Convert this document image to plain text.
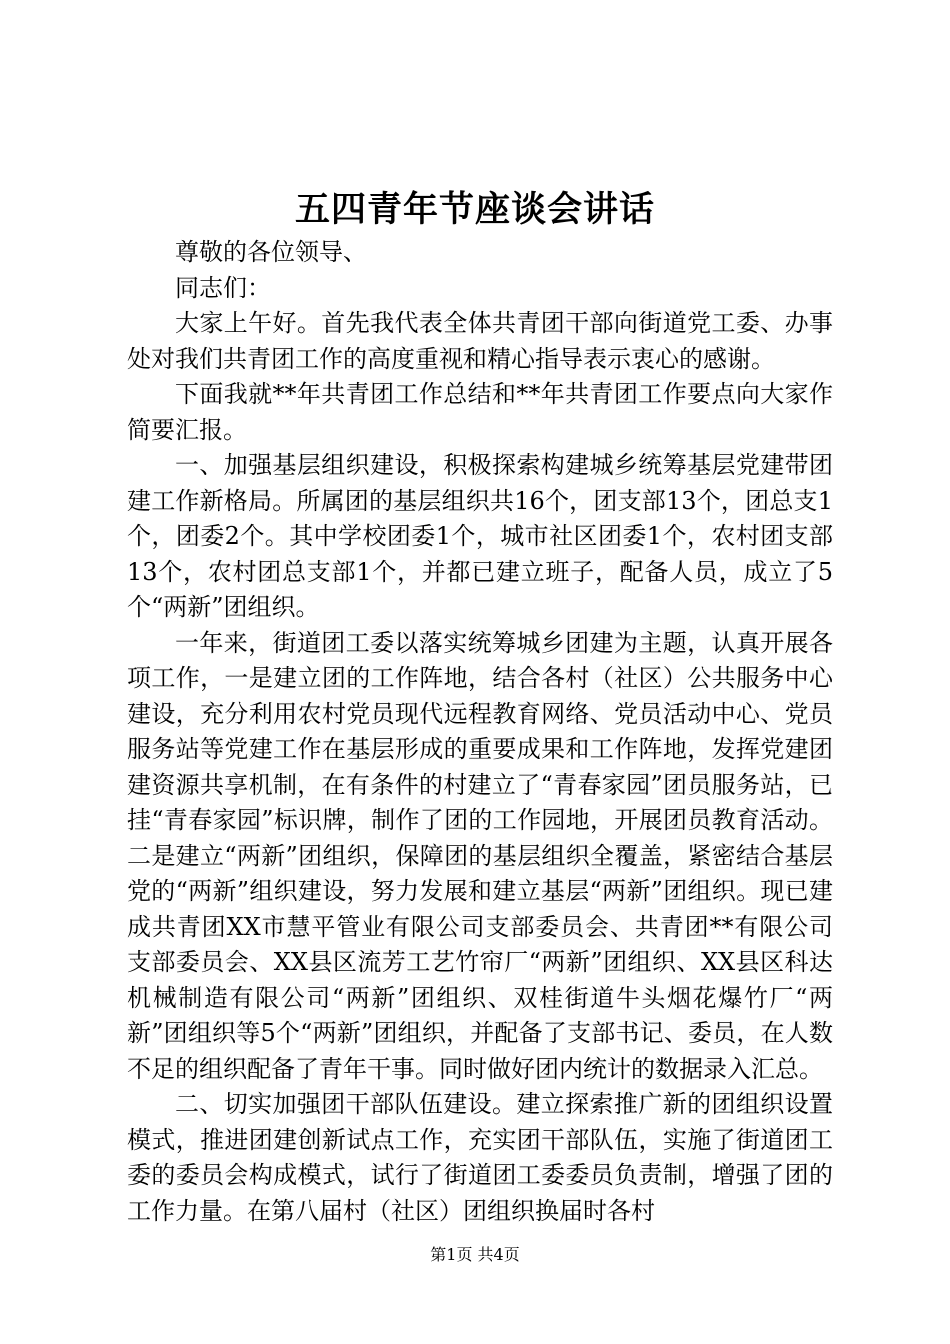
五四青年节座谈会讲话

尊敬的各位领导、

同志们：

大家上午好。首先我代表全体共青团干部向街道党工委、办事处对我们共青团工作的高度重视和精心指导表示衷心的感谢。

下面我就**年共青团工作总结和**年共青团工作要点向大家作简要汇报。

一、加强基层组织建设，积极探索构建城乡统筹基层党建带团建工作新格局。所属团的基层组织共16个，团支部13个，团总支1个，团委2个。其中学校团委1个，城市社区团委1个，农村团支部13个，农村团总支部1个，并都已建立班子，配备人员，成立了5个“两新”团组织。

一年来，街道团工委以落实统筹城乡团建为主题，认真开展各项工作，一是建立团的工作阵地，结合各村（社区）公共服务中心建设，充分利用农村党员现代远程教育网络、党员活动中心、党员服务站等党建工作在基层形成的重要成果和工作阵地，发挥党建团建资源共享机制，在有条件的村建立了“青春家园”团员服务站，已挂“青春家园”标识牌，制作了团的工作园地，开展团员教育活动。二是建立“两新”团组织，保障团的基层组织全覆盖，紧密结合基层党的“两新”组织建设，努力发展和建立基层“两新”团组织。现已建成共青团XX市慧平管业有限公司支部委员会、共青团**有限公司支部委员会、XX县区流芳工艺竹帘厂“两新”团组织、XX县区科达机械制造有限公司“两新”团组织、双桂街道牛头烟花爆竹厂“两新”团组织等5个“两新”团组织，并配备了支部书记、委员，在人数不足的组织配备了青年干事。同时做好团内统计的数据录入汇总。

二、切实加强团干部队伍建设。建立探索推广新的团组织设置模式，推进团建创新试点工作，充实团干部队伍，实施了街道团工委的委员会构成模式，试行了街道团工委委员负责制，增强了团的工作力量。在第八届村（社区）团组织换届时各村

第1页 共4页
